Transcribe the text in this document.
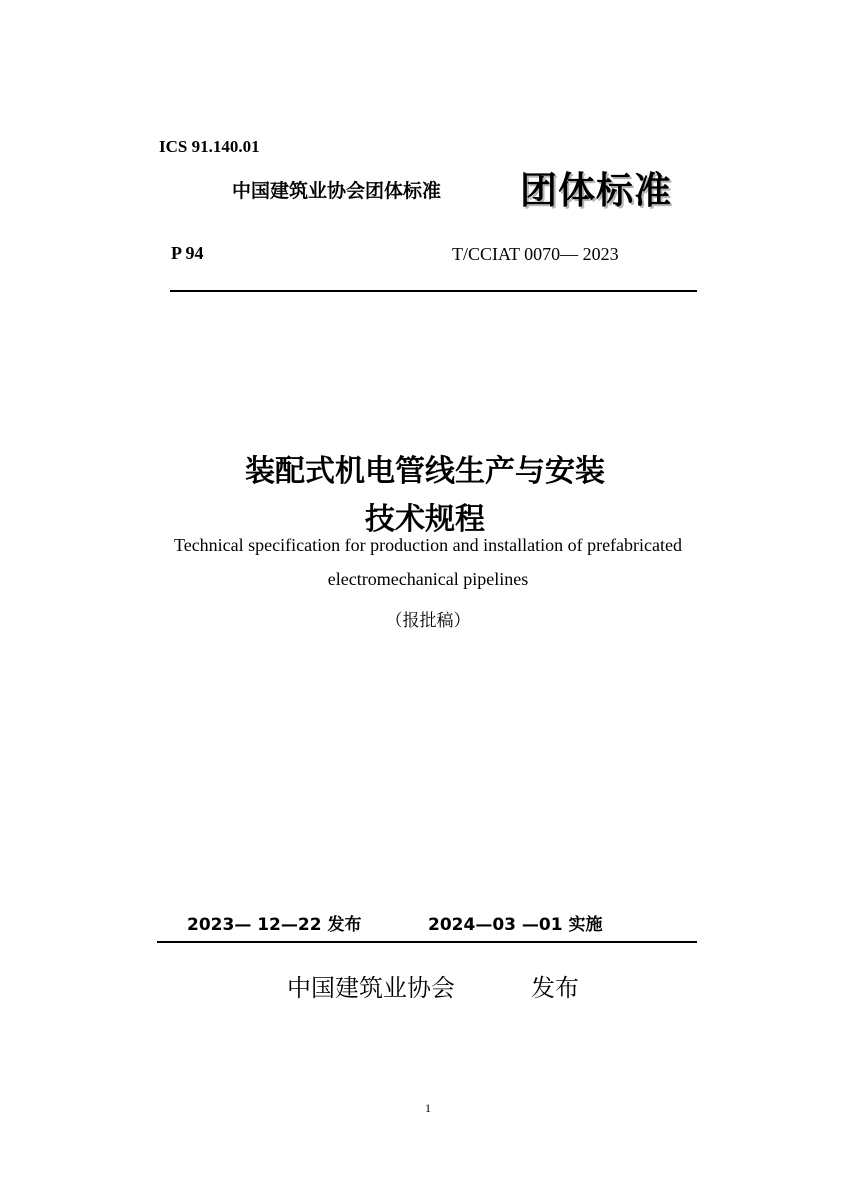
ICS 91.140.01
中国建筑业协会团体标准 团体标准
P 94	T/CCIAT 0070— 2023
装配式机电管线生产与安装
技术规程
Technical specification for production and installation of prefabricated
electromechanical pipelines
（报批稿）
2023— 12—22 发布	2024—03 —01 实施
中国建筑业协会	发布
1
